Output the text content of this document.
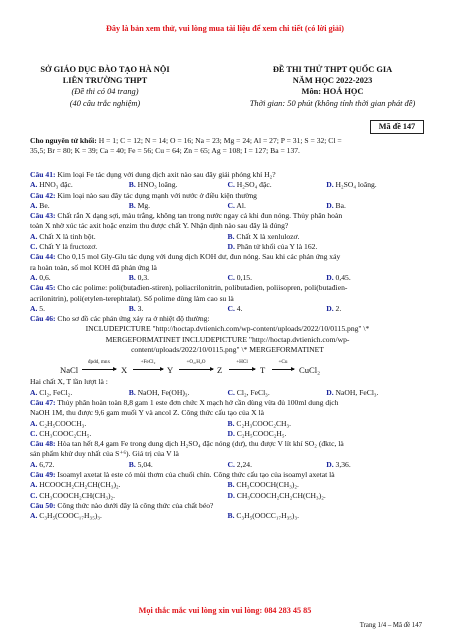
Đây là bản xem thử, vui lòng mua tài liệu để xem chi tiết (có lời giải)
SỞ GIÁO DỤC ĐÀO TẠO HÀ NỘI
LIÊN TRƯỜNG THPT
(Đề thi có 04 trang)
(40 câu trắc nghiệm)
ĐỀ THI THỬ THPT QUỐC GIA
NĂM HỌC 2022-2023
Môn: HOÁ HỌC
Thời gian: 50 phút (không tính thời gian phát đề)
Mã đề 147
Cho nguyên tử khối: H = 1; C = 12; N = 14; O = 16; Na = 23; Mg = 24; Al = 27; P = 31; S = 32; Cl =
35,5; Br = 80; K = 39; Ca = 40; Fe = 56; Cu = 64; Zn = 65; Ag = 108; I = 127; Ba = 137.
Câu 41: Kim loại Fe tác dụng với dung dịch axit nào sau đây giải phóng khí H₂?
A. HNO₃ đặc.	B. HNO₃ loãng.	C. H₂SO₄ đặc.	D. H₂SO₄ loãng.
Câu 42: Kim loại nào sau đây tác dụng mạnh với nước ở điều kiện thường
A. Be.	B. Mg.	C. Al.	D. Ba.
Câu 43: Chất rắn X dạng sợi, màu trắng, không tan trong nước ngay cả khi đun nóng. Thủy phân hoàn
toàn X nhờ xúc tác axit hoặc enzim thu được chất Y. Nhận định nào sau đây là đúng?
A. Chất X là tinh bột.	B. Chất X là xenlulozơ.
C. Chất Y là fructozơ.	D. Phân tử khối của Y là 162.
Câu 44: Cho 0,15 mol Gly-Glu tác dụng với dung dịch KOH dư, đun nóng. Sau khi các phản ứng xảy
ra hoàn toàn, số mol KOH đã phản ứng là
A. 0,6.	B. 0,3.	C. 0,15.	D. 0,45.
Câu 45: Cho các polime: poli(butađien-stiren), poliacrilonitrin, polibutađien, poliisopren, poli(butađien-
acrilonitrin), poli(etylen-terephtalat). Số polime dùng làm cao su là
A. 5.	B. 3.	C. 4.	D. 2.
Câu 46: Cho sơ đồ các phản ứng xảy ra ở nhiệt độ thường:
INCLUDEPICTURE "http://hoctap.dvtienich.com/wp-content/uploads/2022/10/0115.png" \*
MERGEFORMATINET INCLUDEPICTURE "http://hoctap.dvtienich.com/wp-
content/uploads/2022/10/0115.png" \* MERGEFORMATINET
NaCl
đpdd, mnx
X
+FeCl₂
Y
+O₂,H₂O
Z
+HCl
T
+Cu
CuCl₂
Hai chất X, T lần lượt là :
A. Cl₂, FeCl₂.	B. NaOH, Fe(OH)₃.	C. Cl₂, FeCl₃.	D. NaOH, FeCl₃.
Câu 47: Thủy phân hoàn toàn 8,8 gam 1 este đơn chức X mạch hở cần dùng vừa đủ 100ml dung dịch
NaOH 1M, thu được 9,6 gam muối Y và ancol Z. Công thức cấu tạo của X là
A. C₂H₅COOCH₃.	B. C₂H₃COOC₂CH₃.
C. CH₃COOC₂CH₅.	D. C₂H₅COOC₂H₅.
Câu 48: Hòa tan hết 8,4 gam Fe trong dung dịch H₂SO₄ đặc nóng (dư), thu được V lít khí SO₂ (đktc, là
sản phẩm khử duy nhất của S⁺⁶). Giá trị của V là
A. 6,72.	B. 5,04.	C. 2,24.	D. 3,36.
Câu 49: Isoamyl axetat là este có mùi thơm của chuối chín. Công thức cấu tạo của isoamyl axetat là
A. HCOOCH₂CH₂CH(CH₃)₂.	B. CH₃COOCH(CH₃)₂.
C. CH₃COOCH₂CH(CH₃)₂.	D. CH₃COOCH₂CH₂CH(CH₃)₂.
Câu 50: Công thức nào dưới đây là công thức của chất béo?
A. C₃H₅(COOC₁₇H₃₅)₃.	B. C₃H₅(OOCC₁₇H₃₅)₃.
Mọi thắc mắc vui lòng xin vui lòng: 084 283 45 85
Trang 1/4 – Mã đề 147
